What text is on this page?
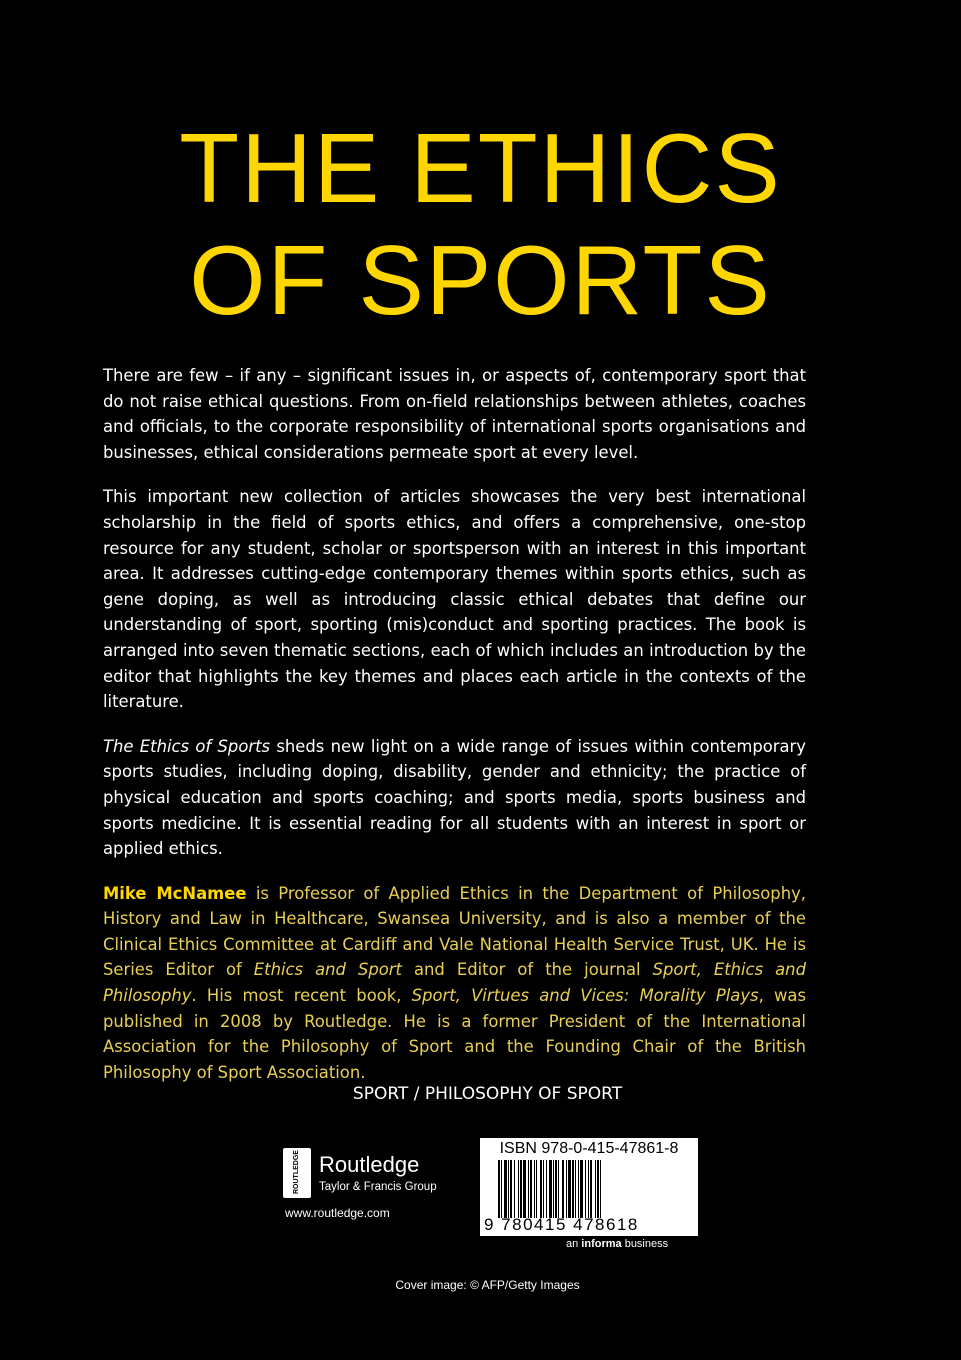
THE ETHICS
OF SPORTS

There are few – if any – significant issues in, or aspects of, contemporary sport that do not raise ethical questions. From on-field relationships between athletes, coaches and officials, to the corporate responsibility of international sports organisations and businesses, ethical considerations permeate sport at every level.

This important new collection of articles showcases the very best international scholarship in the field of sports ethics, and offers a comprehensive, one-stop resource for any student, scholar or sportsperson with an interest in this important area. It addresses cutting-edge contemporary themes within sports ethics, such as gene doping, as well as introducing classic ethical debates that define our understanding of sport, sporting (mis)conduct and sporting practices. The book is arranged into seven thematic sections, each of which includes an introduction by the editor that highlights the key themes and places each article in the contexts of the literature.

The Ethics of Sports sheds new light on a wide range of issues within contemporary sports studies, including doping, disability, gender and ethnicity; the practice of physical education and sports coaching; and sports media, sports business and sports medicine. It is essential reading for all students with an interest in sport or applied ethics.

Mike McNamee is Professor of Applied Ethics in the Department of Philosophy, History and Law in Healthcare, Swansea University, and is also a member of the Clinical Ethics Committee at Cardiff and Vale National Health Service Trust, UK. He is Series Editor of Ethics and Sport and Editor of the journal Sport, Ethics and Philosophy. His most recent book, Sport, Virtues and Vices: Morality Plays, was published in 2008 by Routledge. He is a former President of the International Association for the Philosophy of Sport and the Founding Chair of the British Philosophy of Sport Association.

SPORT / PHILOSOPHY OF SPORT
ROUTLEDGE Routledge
Taylor & Francis Group
www.routledge.com
ISBN 978-0-415-47861-8
9 780415 478618
an informa business
Cover image: © AFP/Getty Images
